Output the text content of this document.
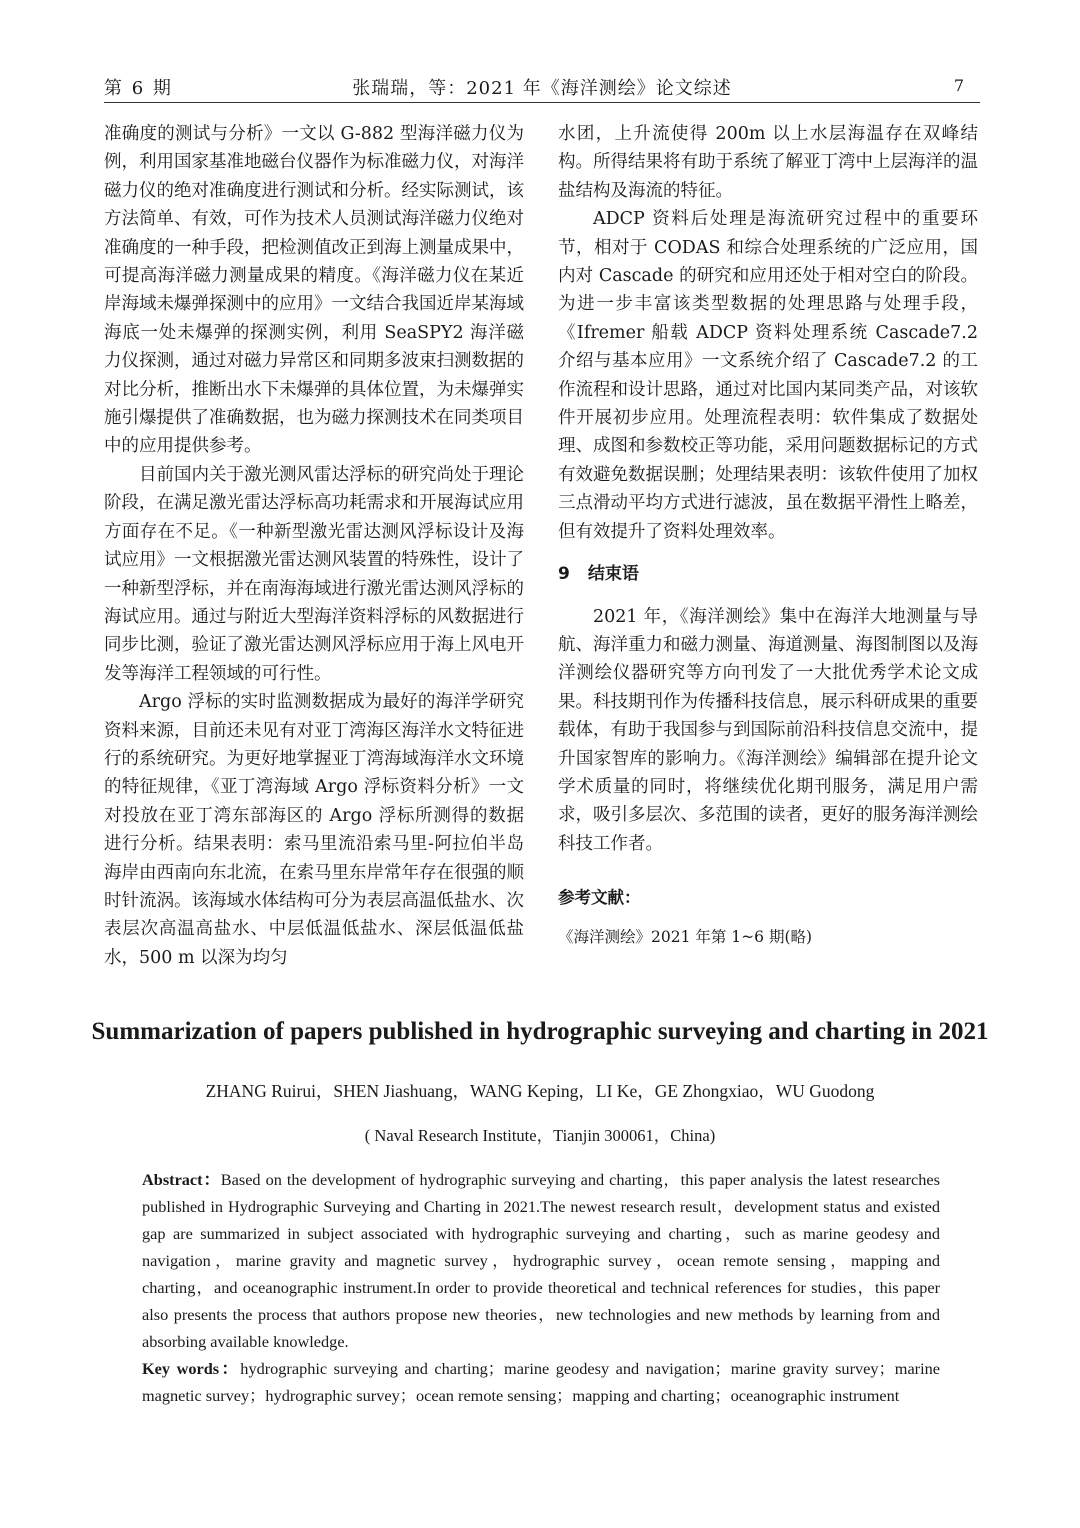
第 6 期	张瑞瑞，等：2021 年《海洋测绘》论文综述	7

准确度的测试与分析》一文以 G-882 型海洋磁力仪为例，利用国家基准地磁台仪器作为标准磁力仪，对海洋磁力仪的绝对准确度进行测试和分析。经实际测试，该方法简单、有效，可作为技术人员测试海洋磁力仪绝对准确度的一种手段，把检测值改正到海上测量成果中，可提高海洋磁力测量成果的精度。《海洋磁力仪在某近岸海域未爆弹探测中的应用》一文结合我国近岸某海域海底一处未爆弹的探测实例，利用 SeaSPY2 海洋磁力仪探测，通过对磁力异常区和同期多波束扫测数据的对比分析，推断出水下未爆弹的具体位置，为未爆弹实施引爆提供了准确数据，也为磁力探测技术在同类项目中的应用提供参考。

目前国内关于激光测风雷达浮标的研究尚处于理论阶段，在满足激光雷达浮标高功耗需求和开展海试应用方面存在不足。《一种新型激光雷达测风浮标设计及海试应用》一文根据激光雷达测风装置的特殊性，设计了一种新型浮标，并在南海海域进行激光雷达测风浮标的海试应用。通过与附近大型海洋资料浮标的风数据进行同步比测，验证了激光雷达测风浮标应用于海上风电开发等海洋工程领域的可行性。

Argo 浮标的实时监测数据成为最好的海洋学研究资料来源，目前还未见有对亚丁湾海区海洋水文特征进行的系统研究。为更好地掌握亚丁湾海域海洋水文环境的特征规律，《亚丁湾海域 Argo 浮标资料分析》一文对投放在亚丁湾东部海区的 Argo 浮标所测得的数据进行分析。结果表明：索马里流沿索马里-阿拉伯半岛海岸由西南向东北流，在索马里东岸常年存在很强的顺时针流涡。该海域水体结构可分为表层高温低盐水、次表层次高温高盐水、中层低温低盐水、深层低温低盐水，500 m 以深为均匀

水团，上升流使得 200m 以上水层海温存在双峰结构。所得结果将有助于系统了解亚丁湾中上层海洋的温盐结构及海流的特征。

ADCP 资料后处理是海流研究过程中的重要环节，相对于 CODAS 和综合处理系统的广泛应用，国内对 Cascade 的研究和应用还处于相对空白的阶段。为进一步丰富该类型数据的处理思路与处理手段，《Ifremer 船载 ADCP 资料处理系统 Cascade7.2 介绍与基本应用》一文系统介绍了 Cascade7.2 的工作流程和设计思路，通过对比国内某同类产品，对该软件开展初步应用。处理流程表明：软件集成了数据处理、成图和参数校正等功能，采用问题数据标记的方式有效避免数据误删；处理结果表明：该软件使用了加权三点滑动平均方式进行滤波，虽在数据平滑性上略差，但有效提升了资料处理效率。

9 结束语

2021 年，《海洋测绘》集中在海洋大地测量与导航、海洋重力和磁力测量、海道测量、海图制图以及海洋测绘仪器研究等方向刊发了一大批优秀学术论文成果。科技期刊作为传播科技信息，展示科研成果的重要载体，有助于我国参与到国际前沿科技信息交流中，提升国家智库的影响力。《海洋测绘》编辑部在提升论文学术质量的同时，将继续优化期刊服务，满足用户需求，吸引多层次、多范围的读者，更好的服务海洋测绘科技工作者。

参考文献：

《海洋测绘》2021 年第 1~6 期(略)

Summarization of papers published in hydrographic surveying and charting in 2021
ZHANG Ruirui，SHEN Jiashuang，WANG Keping，LI Ke，GE Zhongxiao，WU Guodong
( Naval Research Institute，Tianjin 300061，China)

Abstract：Based on the development of hydrographic surveying and charting，this paper analysis the latest researches published in Hydrographic Surveying and Charting in 2021.The newest research result，development status and existed gap are summarized in subject associated with hydrographic surveying and charting，such as marine geodesy and navigation，marine gravity and magnetic survey，hydrographic survey，ocean remote sensing，mapping and charting，and oceanographic instrument.In order to provide theoretical and technical references for studies，this paper also presents the process that authors propose new theories，new technologies and new methods by learning from and absorbing available knowledge.

Key words：hydrographic surveying and charting；marine geodesy and navigation；marine gravity survey；marine magnetic survey；hydrographic survey；ocean remote sensing；mapping and charting；oceanographic instrument
